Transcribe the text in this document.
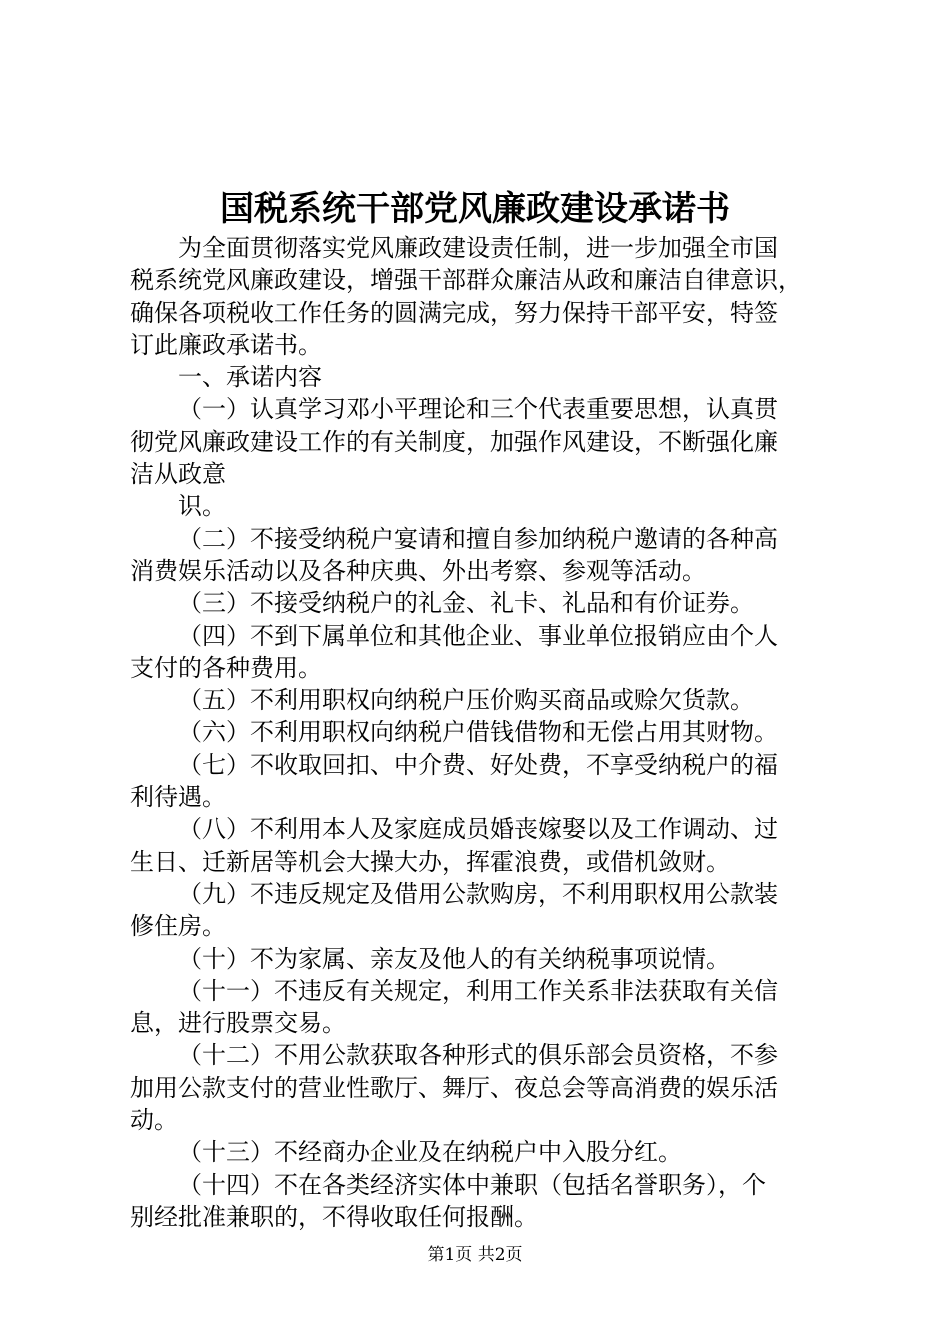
国税系统干部党风廉政建设承诺书
为全面贯彻落实党风廉政建设责任制，进一步加强全市国
税系统党风廉政建设，增强干部群众廉洁从政和廉洁自律意识，
确保各项税收工作任务的圆满完成，努力保持干部平安，特签
订此廉政承诺书。
一、承诺内容
（一）认真学习邓小平理论和三个代表重要思想，认真贯
彻党风廉政建设工作的有关制度，加强作风建设，不断强化廉
洁从政意
识。
（二）不接受纳税户宴请和擅自参加纳税户邀请的各种高
消费娱乐活动以及各种庆典、外出考察、参观等活动。
（三）不接受纳税户的礼金、礼卡、礼品和有价证券。
（四）不到下属单位和其他企业、事业单位报销应由个人
支付的各种费用。
（五）不利用职权向纳税户压价购买商品或赊欠货款。
（六）不利用职权向纳税户借钱借物和无偿占用其财物。
（七）不收取回扣、中介费、好处费，不享受纳税户的福
利待遇。
（八）不利用本人及家庭成员婚丧嫁娶以及工作调动、过
生日、迁新居等机会大操大办，挥霍浪费，或借机敛财。
（九）不违反规定及借用公款购房，不利用职权用公款装
修住房。
（十）不为家属、亲友及他人的有关纳税事项说情。
（十一）不违反有关规定，利用工作关系非法获取有关信
息，进行股票交易。
（十二）不用公款获取各种形式的俱乐部会员资格，不参
加用公款支付的营业性歌厅、舞厅、夜总会等高消费的娱乐活
动。
（十三）不经商办企业及在纳税户中入股分红。
（十四）不在各类经济实体中兼职（包括名誉职务），个
别经批准兼职的，不得收取任何报酬。
第1页 共2页
